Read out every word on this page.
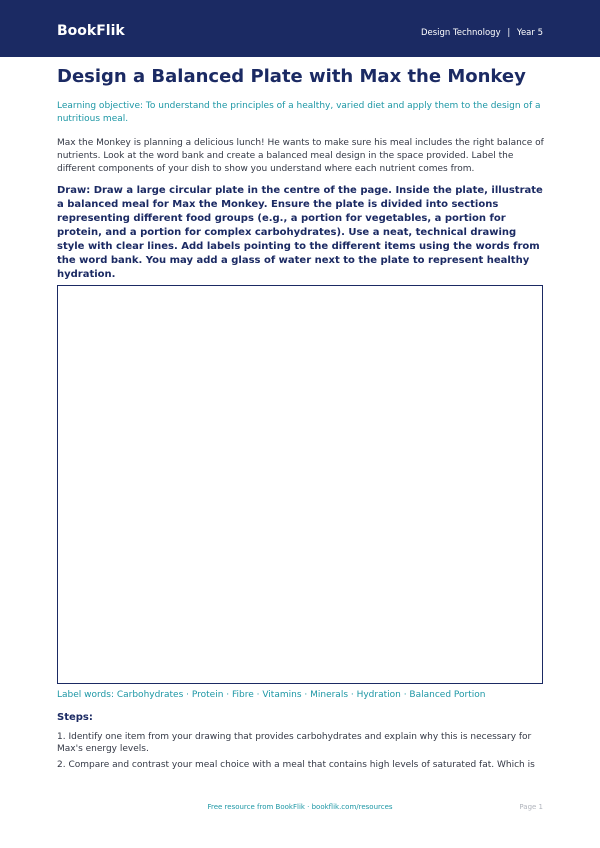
BookFlik	Design Technology | Year 5
Design a Balanced Plate with Max the Monkey

Learning objective: To understand the principles of a healthy, varied diet and apply them to the design of a nutritious meal.

Max the Monkey is planning a delicious lunch! He wants to make sure his meal includes the right balance of nutrients. Look at the word bank and create a balanced meal design in the space provided. Label the different components of your dish to show you understand where each nutrient comes from.

Draw: Draw a large circular plate in the centre of the page. Inside the plate, illustrate a balanced meal for Max the Monkey. Ensure the plate is divided into sections representing different food groups (e.g., a portion for vegetables, a portion for protein, and a portion for complex carbohydrates). Use a neat, technical drawing style with clear lines. Add labels pointing to the different items using the words from the word bank. You may add a glass of water next to the plate to represent healthy hydration.

Label words: Carbohydrates · Protein · Fibre · Vitamins · Minerals · Hydration · Balanced Portion

Steps:

1. Identify one item from your drawing that provides carbohydrates and explain why this is necessary for Max's energy levels.
2. Compare and contrast your meal choice with a meal that contains high levels of saturated fat. Which is
Free resource from BookFlik · bookflik.com/resources	Page 1
